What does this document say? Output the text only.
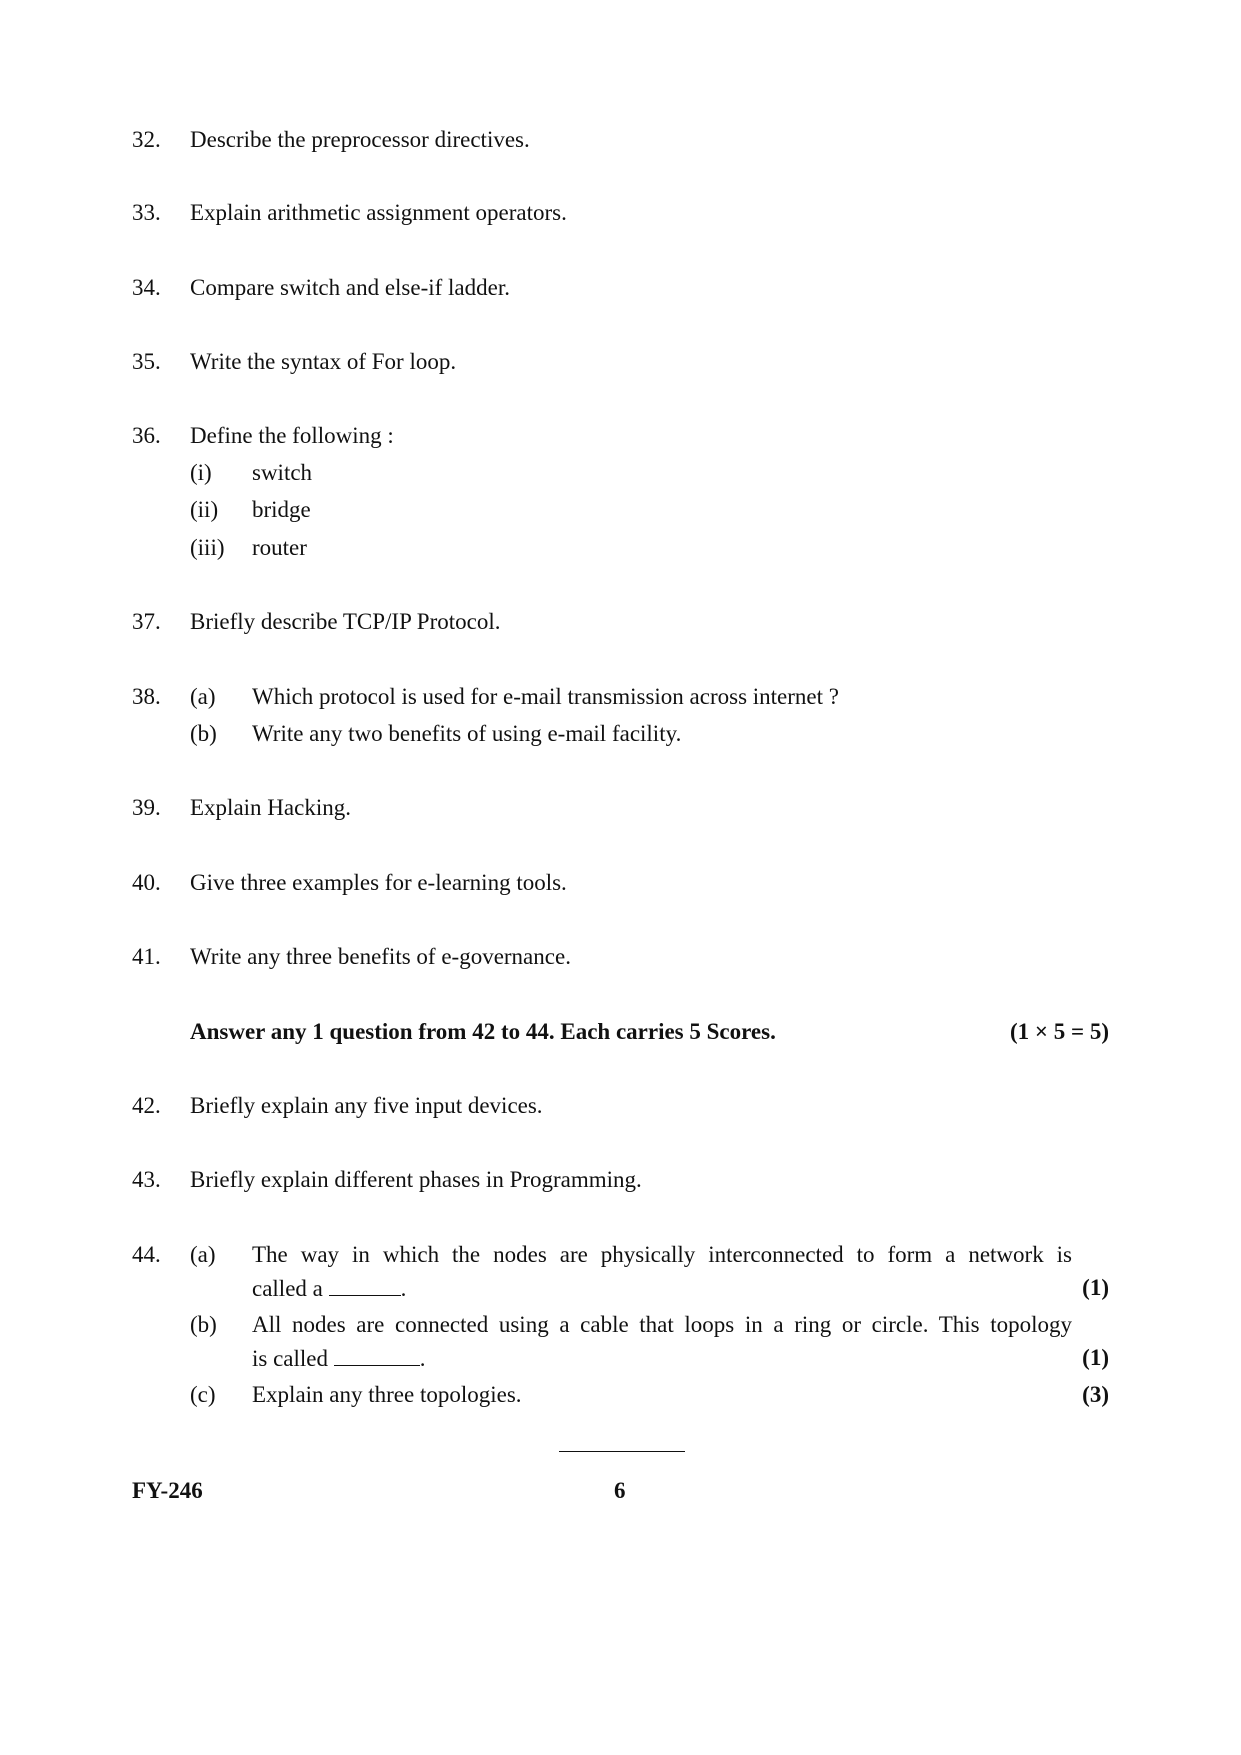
32. Describe the preprocessor directives.
33. Explain arithmetic assignment operators.
34. Compare switch and else-if ladder.
35. Write the syntax of For loop.
36. Define the following :
(i) switch
(ii) bridge
(iii) router
37. Briefly describe TCP/IP Protocol.
38. (a) Which protocol is used for e-mail transmission across internet ?
(b) Write any two benefits of using e-mail facility.
39. Explain Hacking.
40. Give three examples for e-learning tools.
41. Write any three benefits of e-governance.
Answer any 1 question from 42 to 44. Each carries 5 Scores.	(1 × 5 = 5)
42. Briefly explain any five input devices.
43. Briefly explain different phases in Programming.
44. (a) The way in which the nodes are physically interconnected to form a network is
called a	.	(1)
(b) All nodes are connected using a cable that loops in a ring or circle. This topology
is called	.	(1)
(c) Explain any three topologies.	(3)
FY-246	6
